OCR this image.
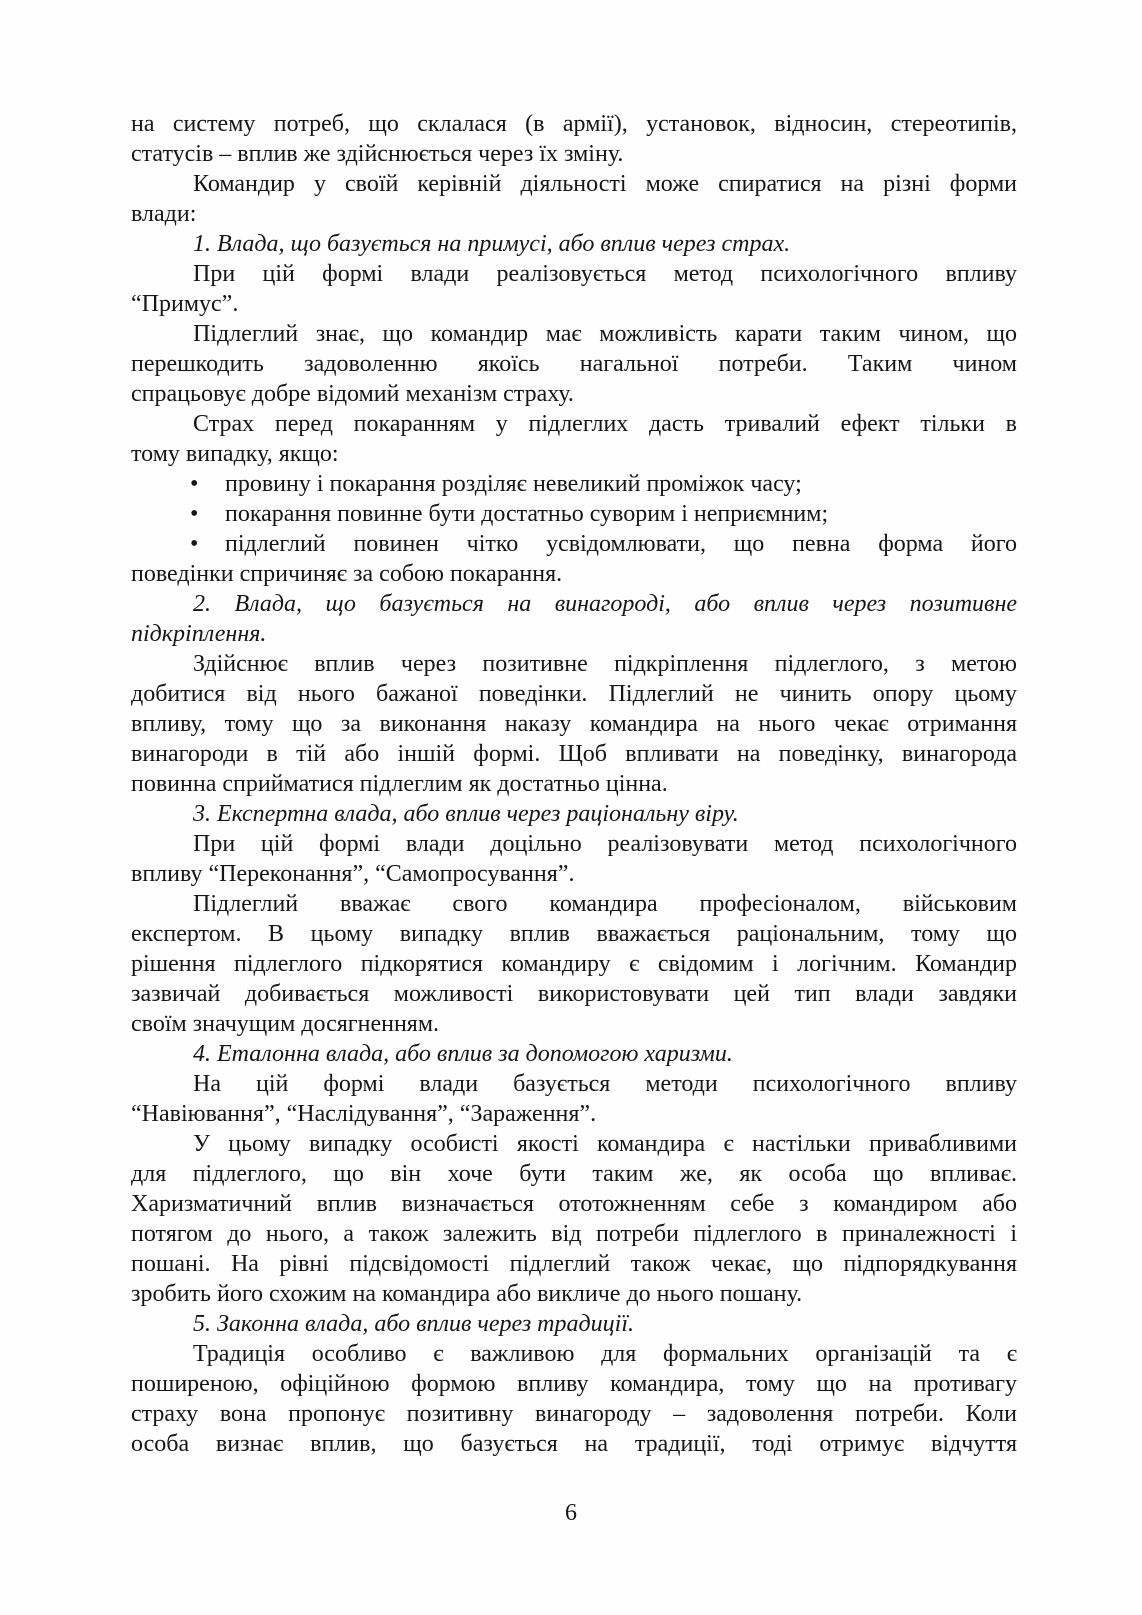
на систему потреб, що склалася (в армії), установок, відносин, стереотипів,
статусів – вплив же здійснюється через їх зміну.
Командир у своїй керівній діяльності може спиратися на різні форми
влади:
1. Влада, що базується на примусі, або вплив через страх.
При цій формі влади реалізовується метод психологічного впливу
“Примус”.
Підлеглий знає, що командир має можливість карати таким чином, що
перешкодить задоволенню якоїсь нагальної потреби. Таким чином
спрацьовує добре відомий механізм страху.
Страх перед покаранням у підлеглих дасть тривалий ефект тільки в
тому випадку, якщо:
• провину і покарання розділяє невеликий проміжок часу;
• покарання повинне бути достатньо суворим і неприємним;
• підлеглий повинен чітко усвідомлювати, що певна форма його
поведінки спричиняє за собою покарання.
2. Влада, що базується на винагороді, або вплив через позитивне
підкріплення.
Здійснює вплив через позитивне підкріплення підлеглого, з метою
добитися від нього бажаної поведінки. Підлеглий не чинить опору цьому
впливу, тому що за виконання наказу командира на нього чекає отримання
винагороди в тій або іншій формі. Щоб впливати на поведінку, винагорода
повинна сприйматися підлеглим як достатньо цінна.
3. Експертна влада, або вплив через раціональну віру.
При цій формі влади доцільно реалізовувати метод психологічного
впливу “Переконання”, “Самопросування”.
Підлеглий вважає свого командира професіоналом, військовим
експертом. В цьому випадку вплив вважається раціональним, тому що
рішення підлеглого підкорятися командиру є свідомим і логічним. Командир
зазвичай добивається можливості використовувати цей тип влади завдяки
своїм значущим досягненням.
4. Еталонна влада, або вплив за допомогою харизми.
На цій формі влади базується методи психологічного впливу
“Навіювання”, “Наслідування”, “Зараження”.
У цьому випадку особисті якості командира є настільки привабливими
для підлеглого, що він хоче бути таким же, як особа що впливає.
Харизматичний вплив визначається ототожненням себе з командиром або
потягом до нього, а також залежить від потреби підлеглого в приналежності і
пошані. На рівні підсвідомості підлеглий також чекає, що підпорядкування
зробить його схожим на командира або викличе до нього пошану.
5. Законна влада, або вплив через традиції.
Традиція особливо є важливою для формальних організацій та є
поширеною, офіційною формою впливу командира, тому що на противагу
страху вона пропонує позитивну винагороду – задоволення потреби. Коли
особа визнає вплив, що базується на традиції, тоді отримує відчуття
6
